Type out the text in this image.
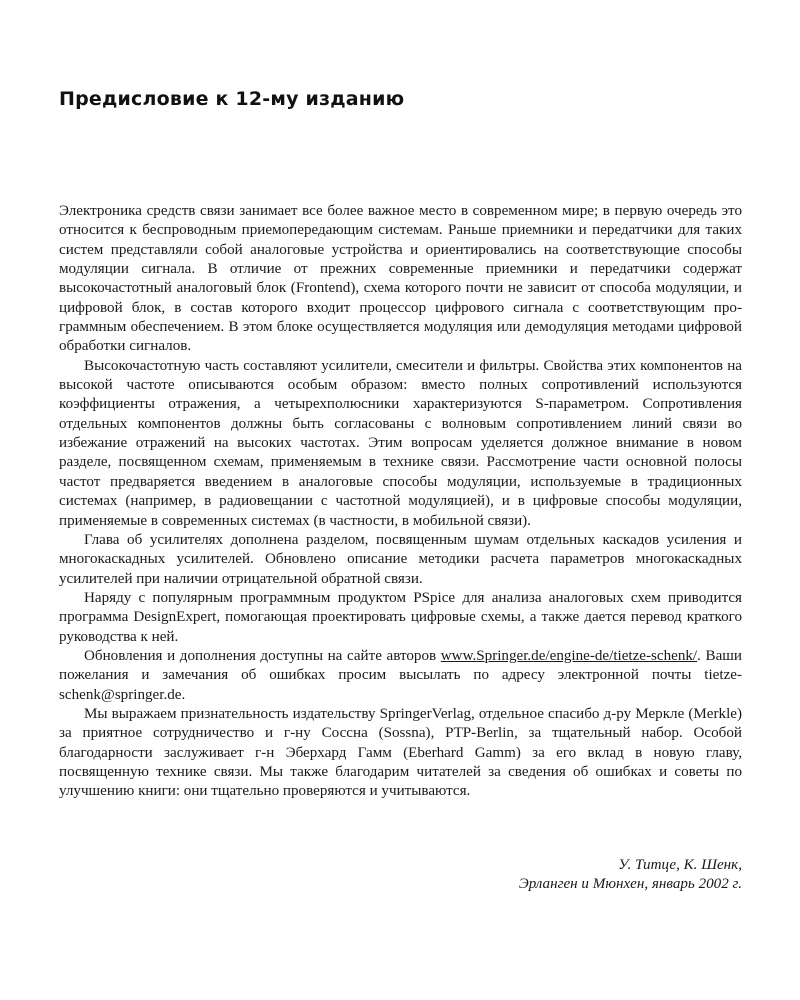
Предисловие к 12-му изданию

Электроника средств связи занимает все более важное место в современном мире; в первую очередь это относится к беспроводным приемопередающим системам. Раньше приемники и передатчики для таких систем представляли собой аналоговые устройства и ориентировались на соответствующие способы модуляции сигнала. В отличие от прежних современные приемники и передатчики содержат высокочастотный аналоговый блок (Frontend), схема которого почти не зависит от способа модуляции, и цифровой блок, в состав которого входит процессор цифрового сигнала с соответствующим программным обеспечением. В этом блоке осуществляется модуляция или демодуляция методами цифровой обработки сигналов.

Высокочастотную часть составляют усилители, смесители и фильтры. Свойства этих компонентов на высокой частоте описываются особым образом: вместо полных сопротивлений используются коэффициенты отражения, а четырехполюсники характеризуются S-параметром. Сопротивления отдельных компонентов должны быть согласованы с волновым сопротивлением линий связи во избежание отражений на высоких частотах. Этим вопросам уделяется должное внимание в новом разделе, посвященном схемам, применяемым в технике связи. Рассмотрение части основной полосы частот предваряется введением в аналоговые способы модуляции, используемые в традиционных системах (например, в радиовещании с частотной модуляцией), и в цифровые способы модуляции, применяемые в современных системах (в частности, в мобильной связи).

Глава об усилителях дополнена разделом, посвященным шумам отдельных каскадов усиления и многокаскадных усилителей. Обновлено описание методики расчета параметров многокаскадных усилителей при наличии отрицательной обратной связи.

Наряду с популярным программным продуктом PSpice для анализа аналоговых схем приводится программа DesignExpert, помогающая проектировать цифровые схемы, а также дается перевод краткого руководства к ней.

Обновления и дополнения доступны на сайте авторов www.Springer.de/engine-de/tietze-schenk/. Ваши пожелания и замечания об ошибках просим высылать по адресу электронной почты tietze-schenk@springer.de.

Мы выражаем признательность издательству SpringerVerlag, отдельное спасибо д-ру Меркле (Merkle) за приятное сотрудничество и г-ну Соссна (Sossna), PTP-Berlin, за тщательный набор. Особой благодарности заслуживает г-н Эберхард Гамм (Eberhard Gamm) за его вклад в новую главу, посвященную технике связи. Мы также благодарим читателей за сведения об ошибках и советы по улучшению книги: они тщательно проверяются и учитываются.

У. Титце, К. Шенк,
Эрланген и Мюнхен, январь 2002 г.
